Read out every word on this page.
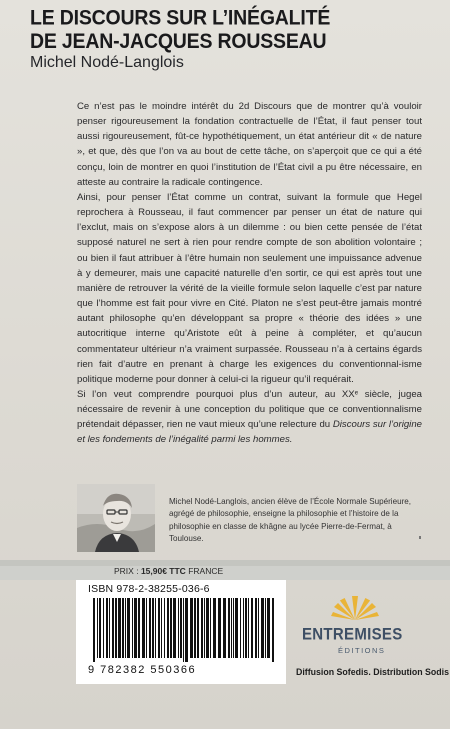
LE DISCOURS SUR L’INÉGALITÉ
DE JEAN-JACQUES ROUSSEAU
Michel Nodé-Langlois

Ce n’est pas le moindre intérêt du 2d Discours que de montrer qu’à vouloir penser rigoureusement la fondation contractuelle de l’État, il faut penser tout aussi rigoureusement, fût-ce hypothétiquement, un état antérieur dit « de nature », et que, dès que l’on va au bout de cette tâche, on s’aperçoit que ce qui a été conçu, loin de montrer en quoi l’institution de l’État civil a pu être nécessaire, en atteste au contraire la radicale contingence.

Ainsi, pour penser l’État comme un contrat, suivant la formule que Hegel reprochera à Rousseau, il faut commencer par penser un état de nature qui l’exclut, mais on s’expose alors à un dilemme : ou bien cette pensée de l’état supposé naturel ne sert à rien pour rendre compte de son abolition volontaire ; ou bien il faut attribuer à l’être humain non seulement une impuissance advenue à y demeurer, mais une capacité naturelle d’en sortir, ce qui est après tout une manière de retrouver la vérité de la vieille formule selon laquelle c’est par nature que l’homme est fait pour vivre en Cité. Platon ne s’est peut-être jamais montré autant philosophe qu’en développant sa propre « théorie des idées » une autocritique interne qu’Aristote eût à peine à compléter, et qu’aucun commentateur ultérieur n’a vraiment surpassée. Rousseau n’a à certains égards rien fait d’autre en prenant à charge les exigences du conventionnal-isme politique moderne pour donner à celui-ci la rigueur qu’il requérait.

Si l’on veut comprendre pourquoi plus d’un auteur, au XXᵉ siècle, jugea nécessaire de revenir à une conception du politique que ce conventionnalisme prétendait dépasser, rien ne vaut mieux qu’une relecture du Discours sur l’origine et les fondements de l’inégalité parmi les hommes.

Michel Nodé-Langlois, ancien élève de l’École Normale Supérieure, agrégé de philosophie, enseigne la philosophie et l’histoire de la philosophie en classe de khâgne au lycée Pierre-de-Fermat, à Toulouse.
PRIX : 15,90€ TTC FRANCE
ISBN 978-2-38255-036-6
9 782382 550366
ENTREMISES
ÉDITIONS
Diffusion Sofedis. Distribution Sodis
